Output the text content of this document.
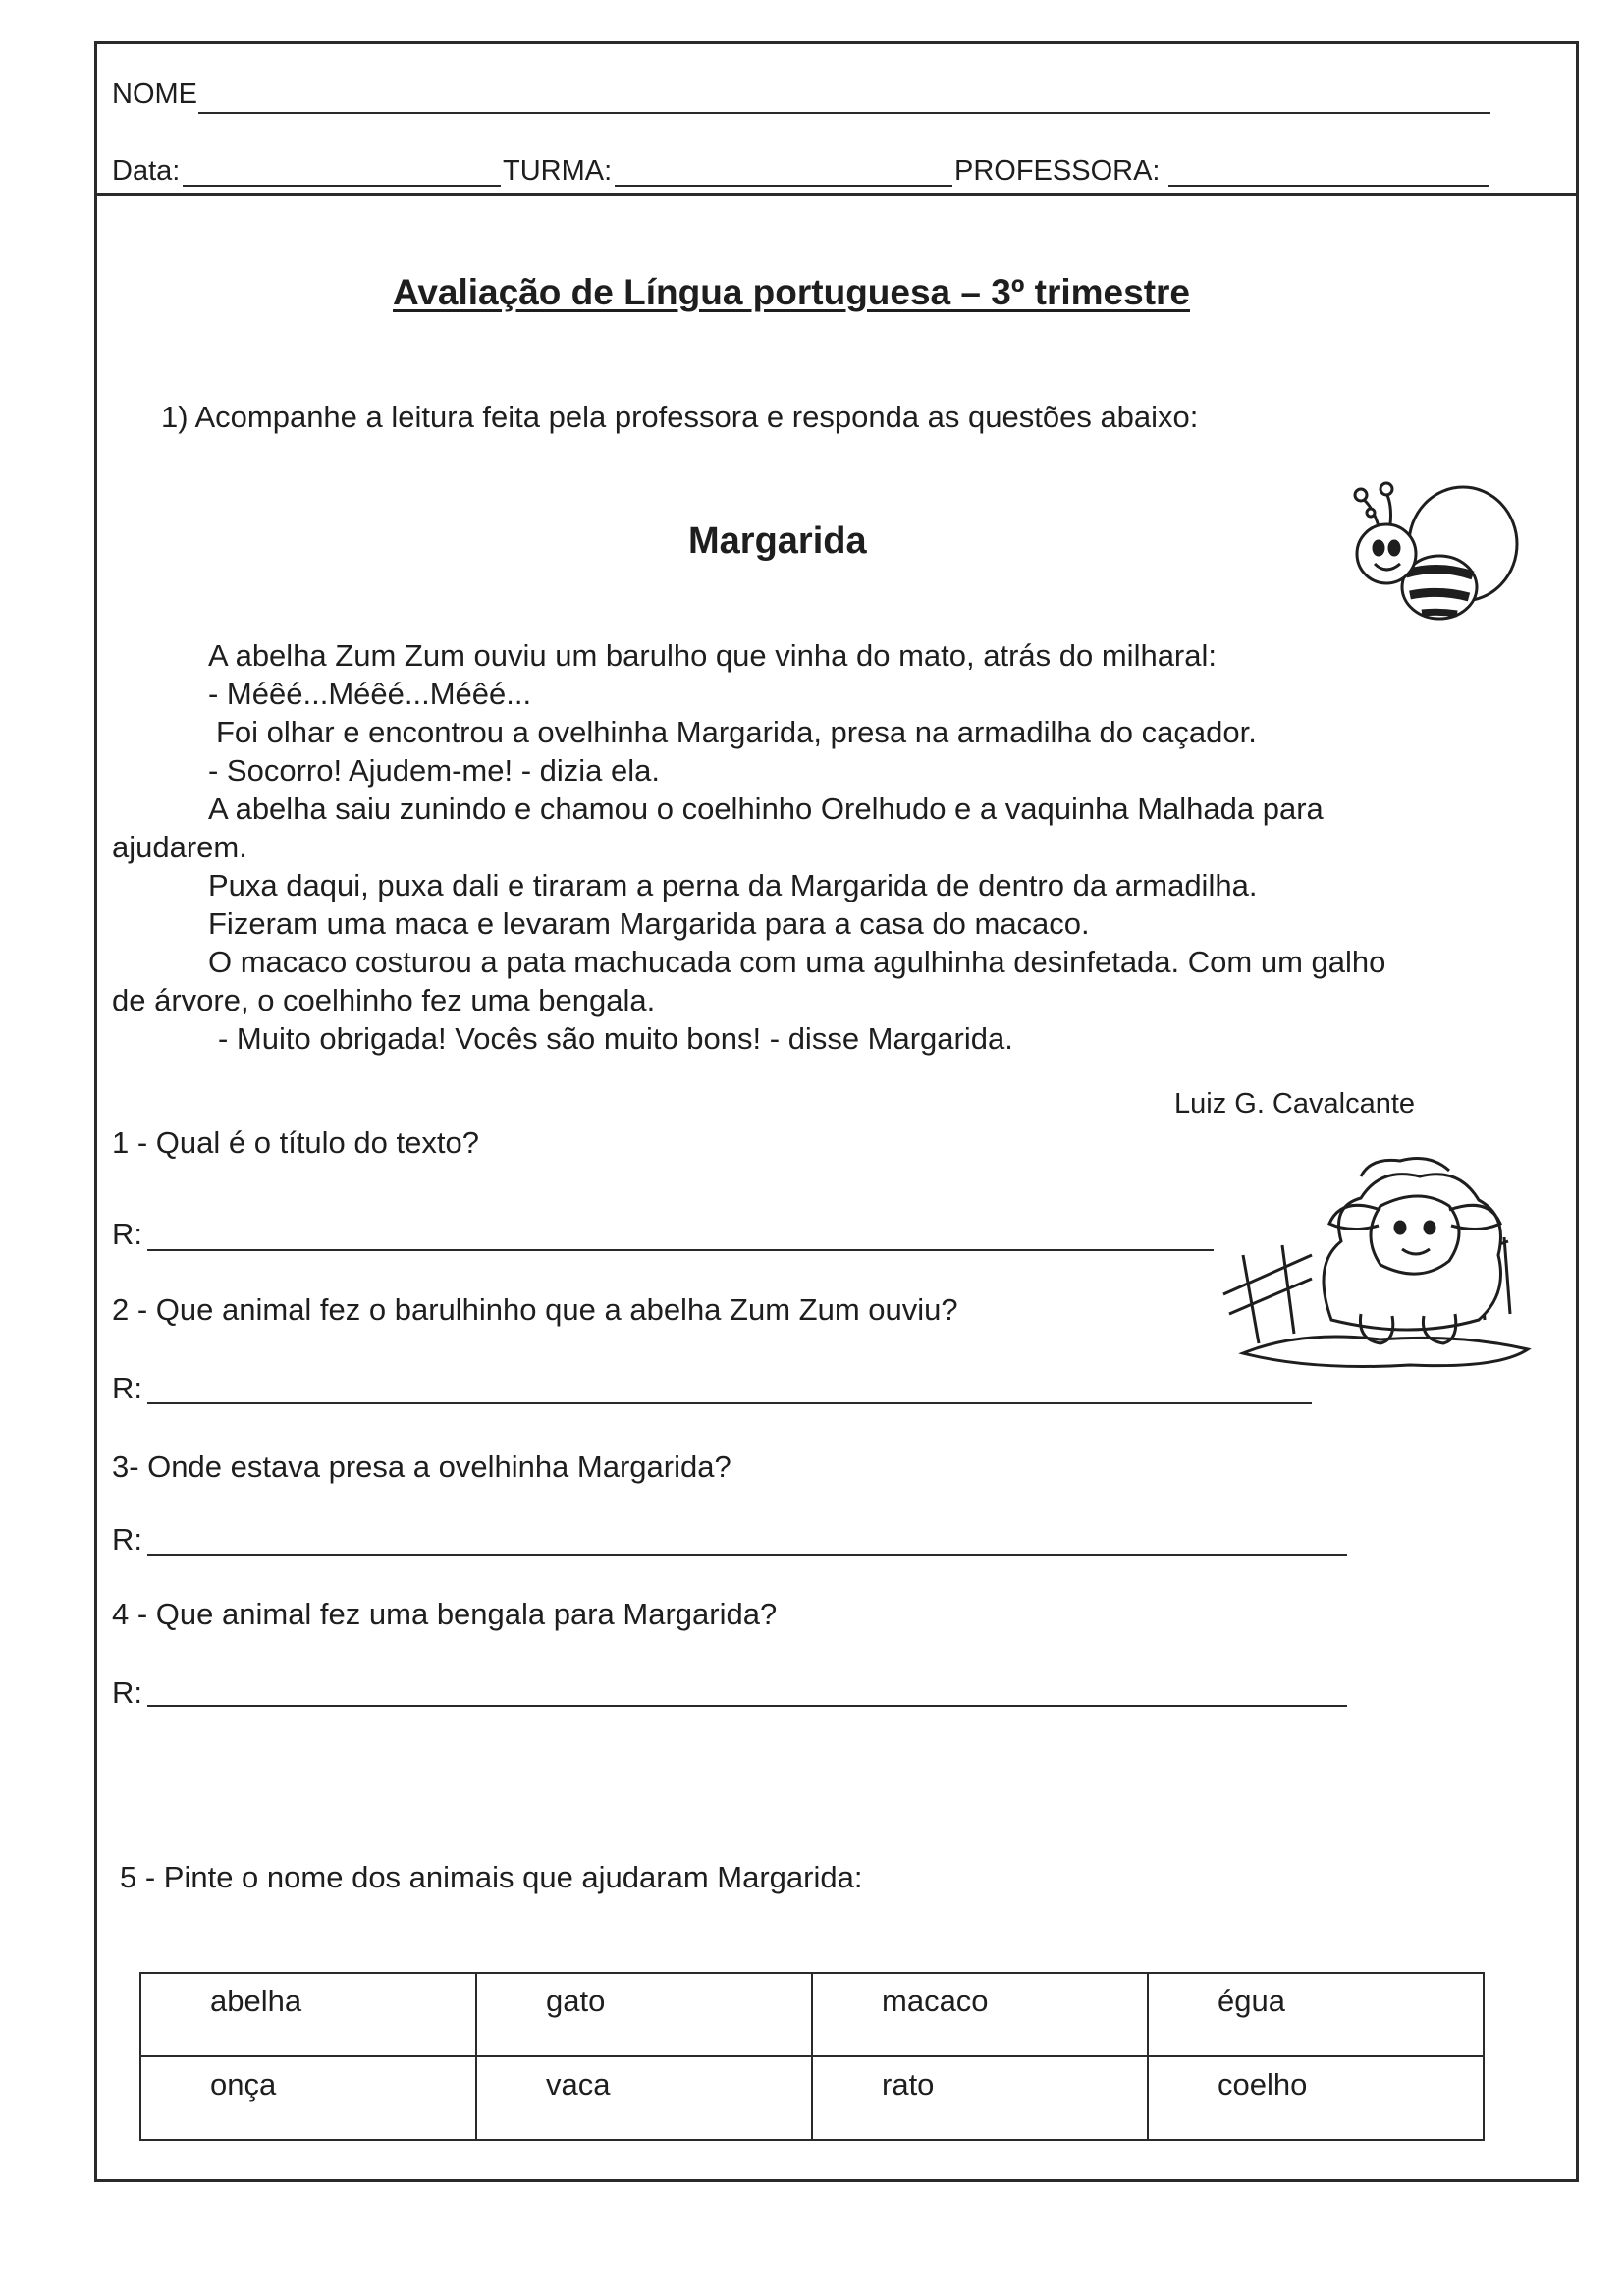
NOME
Data:	TURMA:	PROFESSORA:
Avaliação de Língua portuguesa – 3º trimestre
1) Acompanhe a leitura feita pela professora e responda as questões abaixo:
Margarida
A abelha Zum Zum ouviu um barulho que vinha do mato, atrás do milharal:
- Méêé...Méêé...Méêé...
Foi olhar e encontrou a ovelhinha Margarida, presa na armadilha do caçador.
- Socorro! Ajudem-me! - dizia ela.
A abelha saiu zunindo e chamou o coelhinho Orelhudo e a vaquinha Malhada para
ajudarem.
Puxa daqui, puxa dali e tiraram a perna da Margarida de dentro da armadilha.
Fizeram uma maca e levaram Margarida para a casa do macaco.
O macaco costurou a pata machucada com uma agulhinha desinfetada. Com um galho
de árvore, o coelhinho fez uma bengala.
- Muito obrigada! Vocês são muito bons! - disse Margarida.
Luiz G. Cavalcante
1 - Qual é o título do texto?
R:
2 - Que animal fez o barulhinho que a abelha Zum Zum ouviu?
R:
3- Onde estava presa a ovelhinha Margarida?
R:
4 - Que animal fez uma bengala para Margarida?
R:
5 - Pinte o nome dos animais que ajudaram Margarida:
abelha	gato	macaco	égua
onça	vaca	rato	coelho
